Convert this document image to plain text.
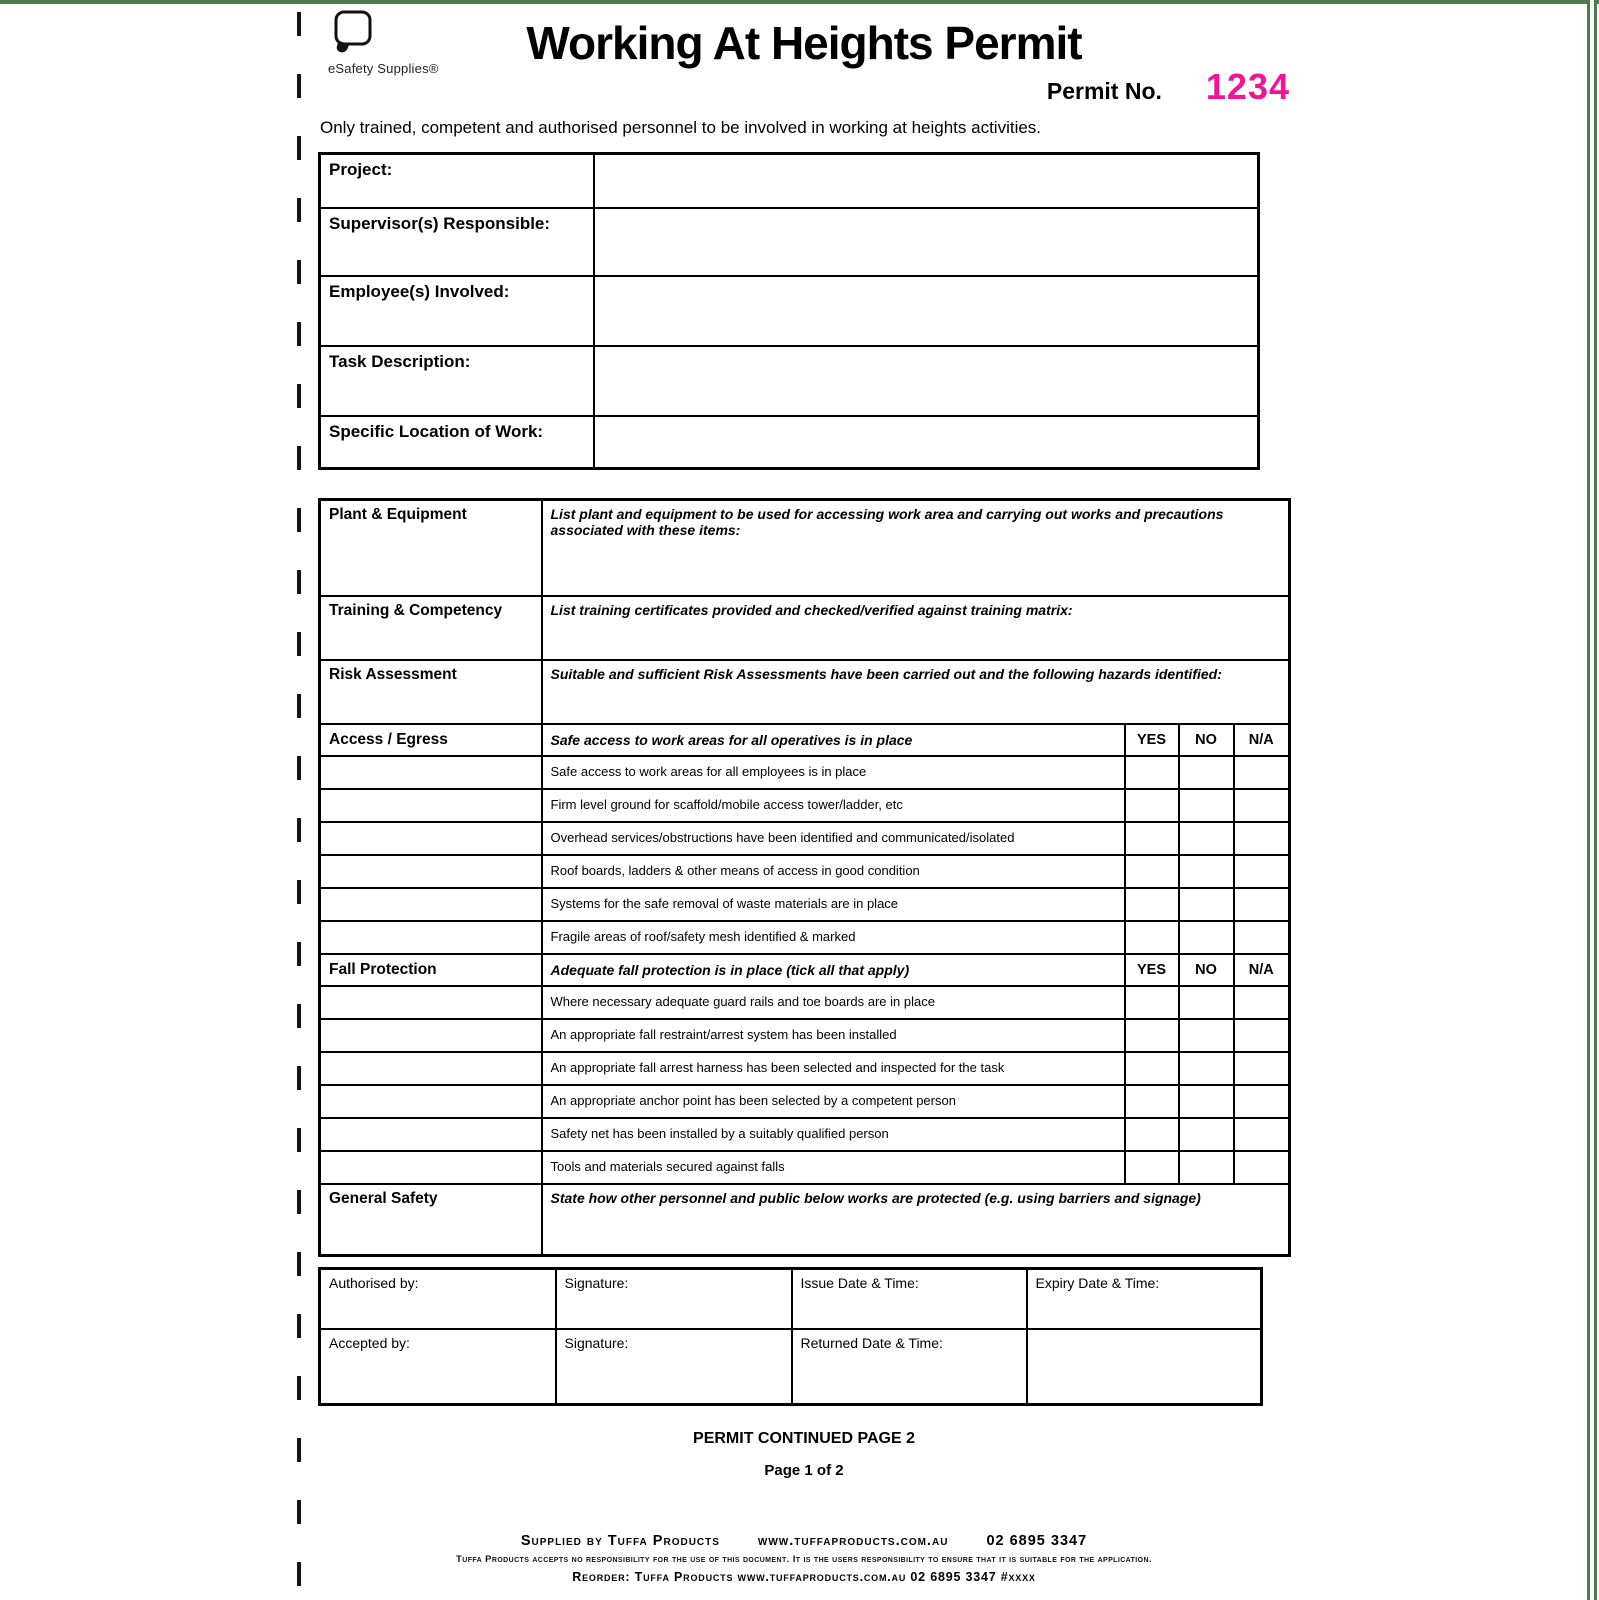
eSafety Supplies®	Working At Heights Permit
Permit No. 1234
Only trained, competent and authorised personnel to be involved in working at heights activities.
Project:	
Supervisor(s) Responsible:	
Employee(s) Involved:	
Task Description:	
Specific Location of Work:	
Plant & Equipment	List plant and equipment to be used for accessing work area and carrying out works and precautions associated with these items:			
Training & Competency	List training certificates provided and checked/verified against training matrix:			
Risk Assessment	Suitable and sufficient Risk Assessments have been carried out and the following hazards identified:			
Access / Egress	Safe access to work areas for all operatives is in place	YES	NO	N/A
	Safe access to work areas for all employees is in place			
	Firm level ground for scaffold/mobile access tower/ladder, etc			
	Overhead services/obstructions have been identified and communicated/isolated			
	Roof boards, ladders & other means of access in good condition			
	Systems for the safe removal of waste materials are in place			
	Fragile areas of roof/safety mesh identified & marked			
Fall Protection	Adequate fall protection is in place (tick all that apply)	YES	NO	N/A
	Where necessary adequate guard rails and toe boards are in place			
	An appropriate fall restraint/arrest system has been installed			
	An appropriate fall arrest harness has been selected and inspected for the task			
	An appropriate anchor point has been selected by a competent person			
	Safety net has been installed by a suitably qualified person			
	Tools and materials secured against falls			
General Safety	State how other personnel and public below works are protected (e.g. using barriers and signage)			
Authorised by:	Signature:	Issue Date & Time:	Expiry Date & Time:
Accepted by:	Signature:	Returned Date & Time:	
PERMIT CONTINUED PAGE 2
Page 1 of 2
Supplied by Tuffa Products	www.tuffaproducts.com.au	02 6895 3347
Tuffa Products accepts no responsibility for the use of this document. It is the users responsibility to ensure that it is suitable for the application.
Reorder: Tuffa Products www.tuffaproducts.com.au 02 6895 3347 #xxxx
